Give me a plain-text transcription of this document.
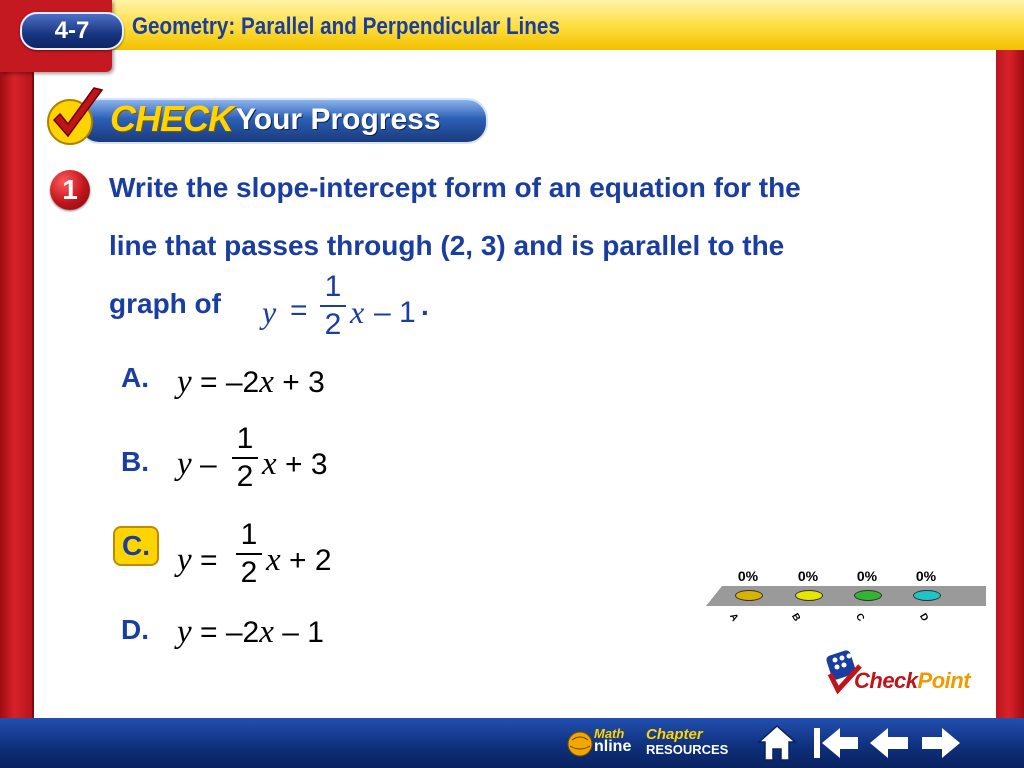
4-7	Geometry: Parallel and Perpendicular Lines
CHECK Your Progress
1	Write the slope-intercept form of an equation for the
line that passes through (2, 3) and is parallel to the
graph of y =
1
2 x – 1 .
A. y = –2x + 3
B. y –
1
2 x + 3
C. y =
1
2 x + 2
D. y = –2x – 1
0%	0%	0%	0%
A	B	C	D
CheckPoint
Math
nline
Chapter
RESOURCES
